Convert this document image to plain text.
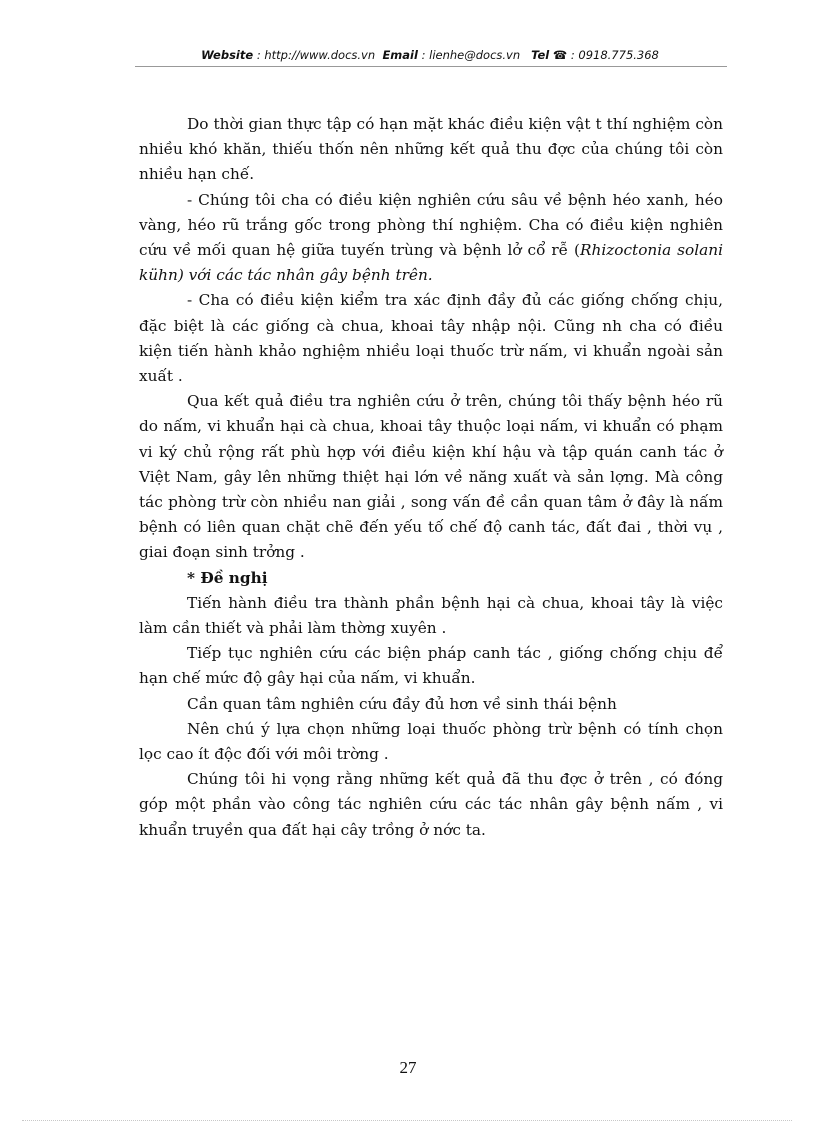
Website : http://www.docs.vn Email : lienhe@docs.vn Tel ☎ : 0918.775.368

Do thời gian thực tập có hạn mặt khác điều kiện vật t thí nghiệm còn nhiều khó khăn, thiếu thốn nên những kết quả thu đợc của chúng tôi còn nhiều hạn chế.

- Chúng tôi cha có điều kiện nghiên cứu sâu về bệnh héo xanh, héo vàng, héo rũ trắng gốc trong phòng thí nghiệm. Cha có điều kiện nghiên cứu về mối quan hệ giữa tuyến trùng và bệnh lở cổ rễ (Rhizoctonia solani kühn) với các tác nhân gây bệnh trên.

- Cha có điều kiện kiểm tra xác định đầy đủ các giống chống chịu, đặc biệt là các giống cà chua, khoai tây nhập nội. Cũng nh cha có điều kiện tiến hành khảo nghiệm nhiều loại thuốc trừ nấm, vi khuẩn ngoài sản xuất .

Qua kết quả điều tra nghiên cứu ở trên, chúng tôi thấy bệnh héo rũ do nấm, vi khuẩn hại cà chua, khoai tây thuộc loại nấm, vi khuẩn có phạm vi ký chủ rộng rất phù hợp với điều kiện khí hậu và tập quán canh tác ở Việt Nam, gây lên những thiệt hại lớn về năng xuất và sản lợng. Mà công tác phòng trừ còn nhiều nan giải , song vấn đề cần quan tâm ở đây là nấm bệnh có liên quan chặt chẽ đến yếu tố chế độ canh tác, đất đai , thời vụ , giai đoạn sinh trởng .

* Đề nghị

Tiến hành điều tra thành phần bệnh hại cà chua, khoai tây là việc làm cần thiết và phải làm thờng xuyên .

Tiếp tục nghiên cứu các biện pháp canh tác , giống chống chịu để hạn chế mức độ gây hại của nấm, vi khuẩn.

Cần quan tâm nghiên cứu đầy đủ hơn về sinh thái bệnh

Nên chú ý lựa chọn những loại thuốc phòng trừ bệnh có tính chọn lọc cao ít độc đối với môi trờng .

Chúng tôi hi vọng rằng những kết quả đã thu đợc ở trên , có đóng góp một phần vào công tác nghiên cứu các tác nhân gây bệnh nấm , vi khuẩn truyền qua đất hại cây trồng ở nớc ta.

27
